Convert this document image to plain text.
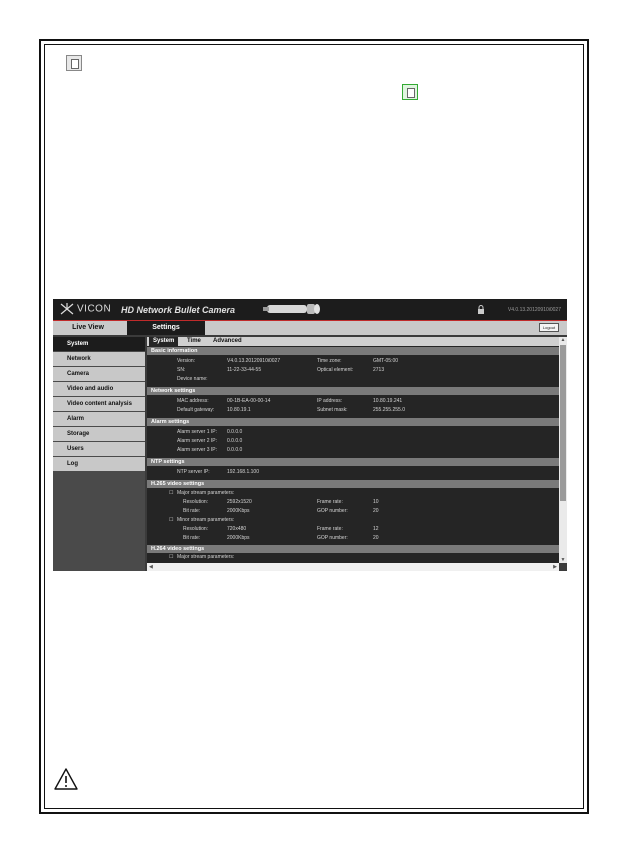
VICON HD Network Bullet Camera	V4.0.13.20120910i0027
Live View	Settings	Logout
System
Network
Camera
Video and audio
Video content analysis
Alarm
Storage
Users
Log
System	Time Advanced
Basic information
Version:	V4.0.13.20120910i0027	Time zone:	GMT-05:00
SN:	11-22-33-44-55	Optical element:	2713
Device name:
Network settings
MAC address:	00-1B-EA-00-00-14	IP address:	10.80.19.241
Default gateway:	10.80.19.1	Subnet mask:	255.255.255.0
Alarm settings
Alarm server 1 IP: 0.0.0.0
Alarm server 2 IP: 0.0.0.0
Alarm server 3 IP: 0.0.0.0
NTP settings
NTP server IP:	192.168.1.100
H.265 video settings
☐ Major stream parameters:
Resolution:	2592x1520	Frame rate:	10
Bit rate:	2000Kbps	GOP number:	20
☐ Minor stream parameters:
Resolution:	720x480	Frame rate:	12
Bit rate:	2000Kbps	GOP number:	20
H.264 video settings
☐ Major stream parameters:
▲
▼
◀	▶
